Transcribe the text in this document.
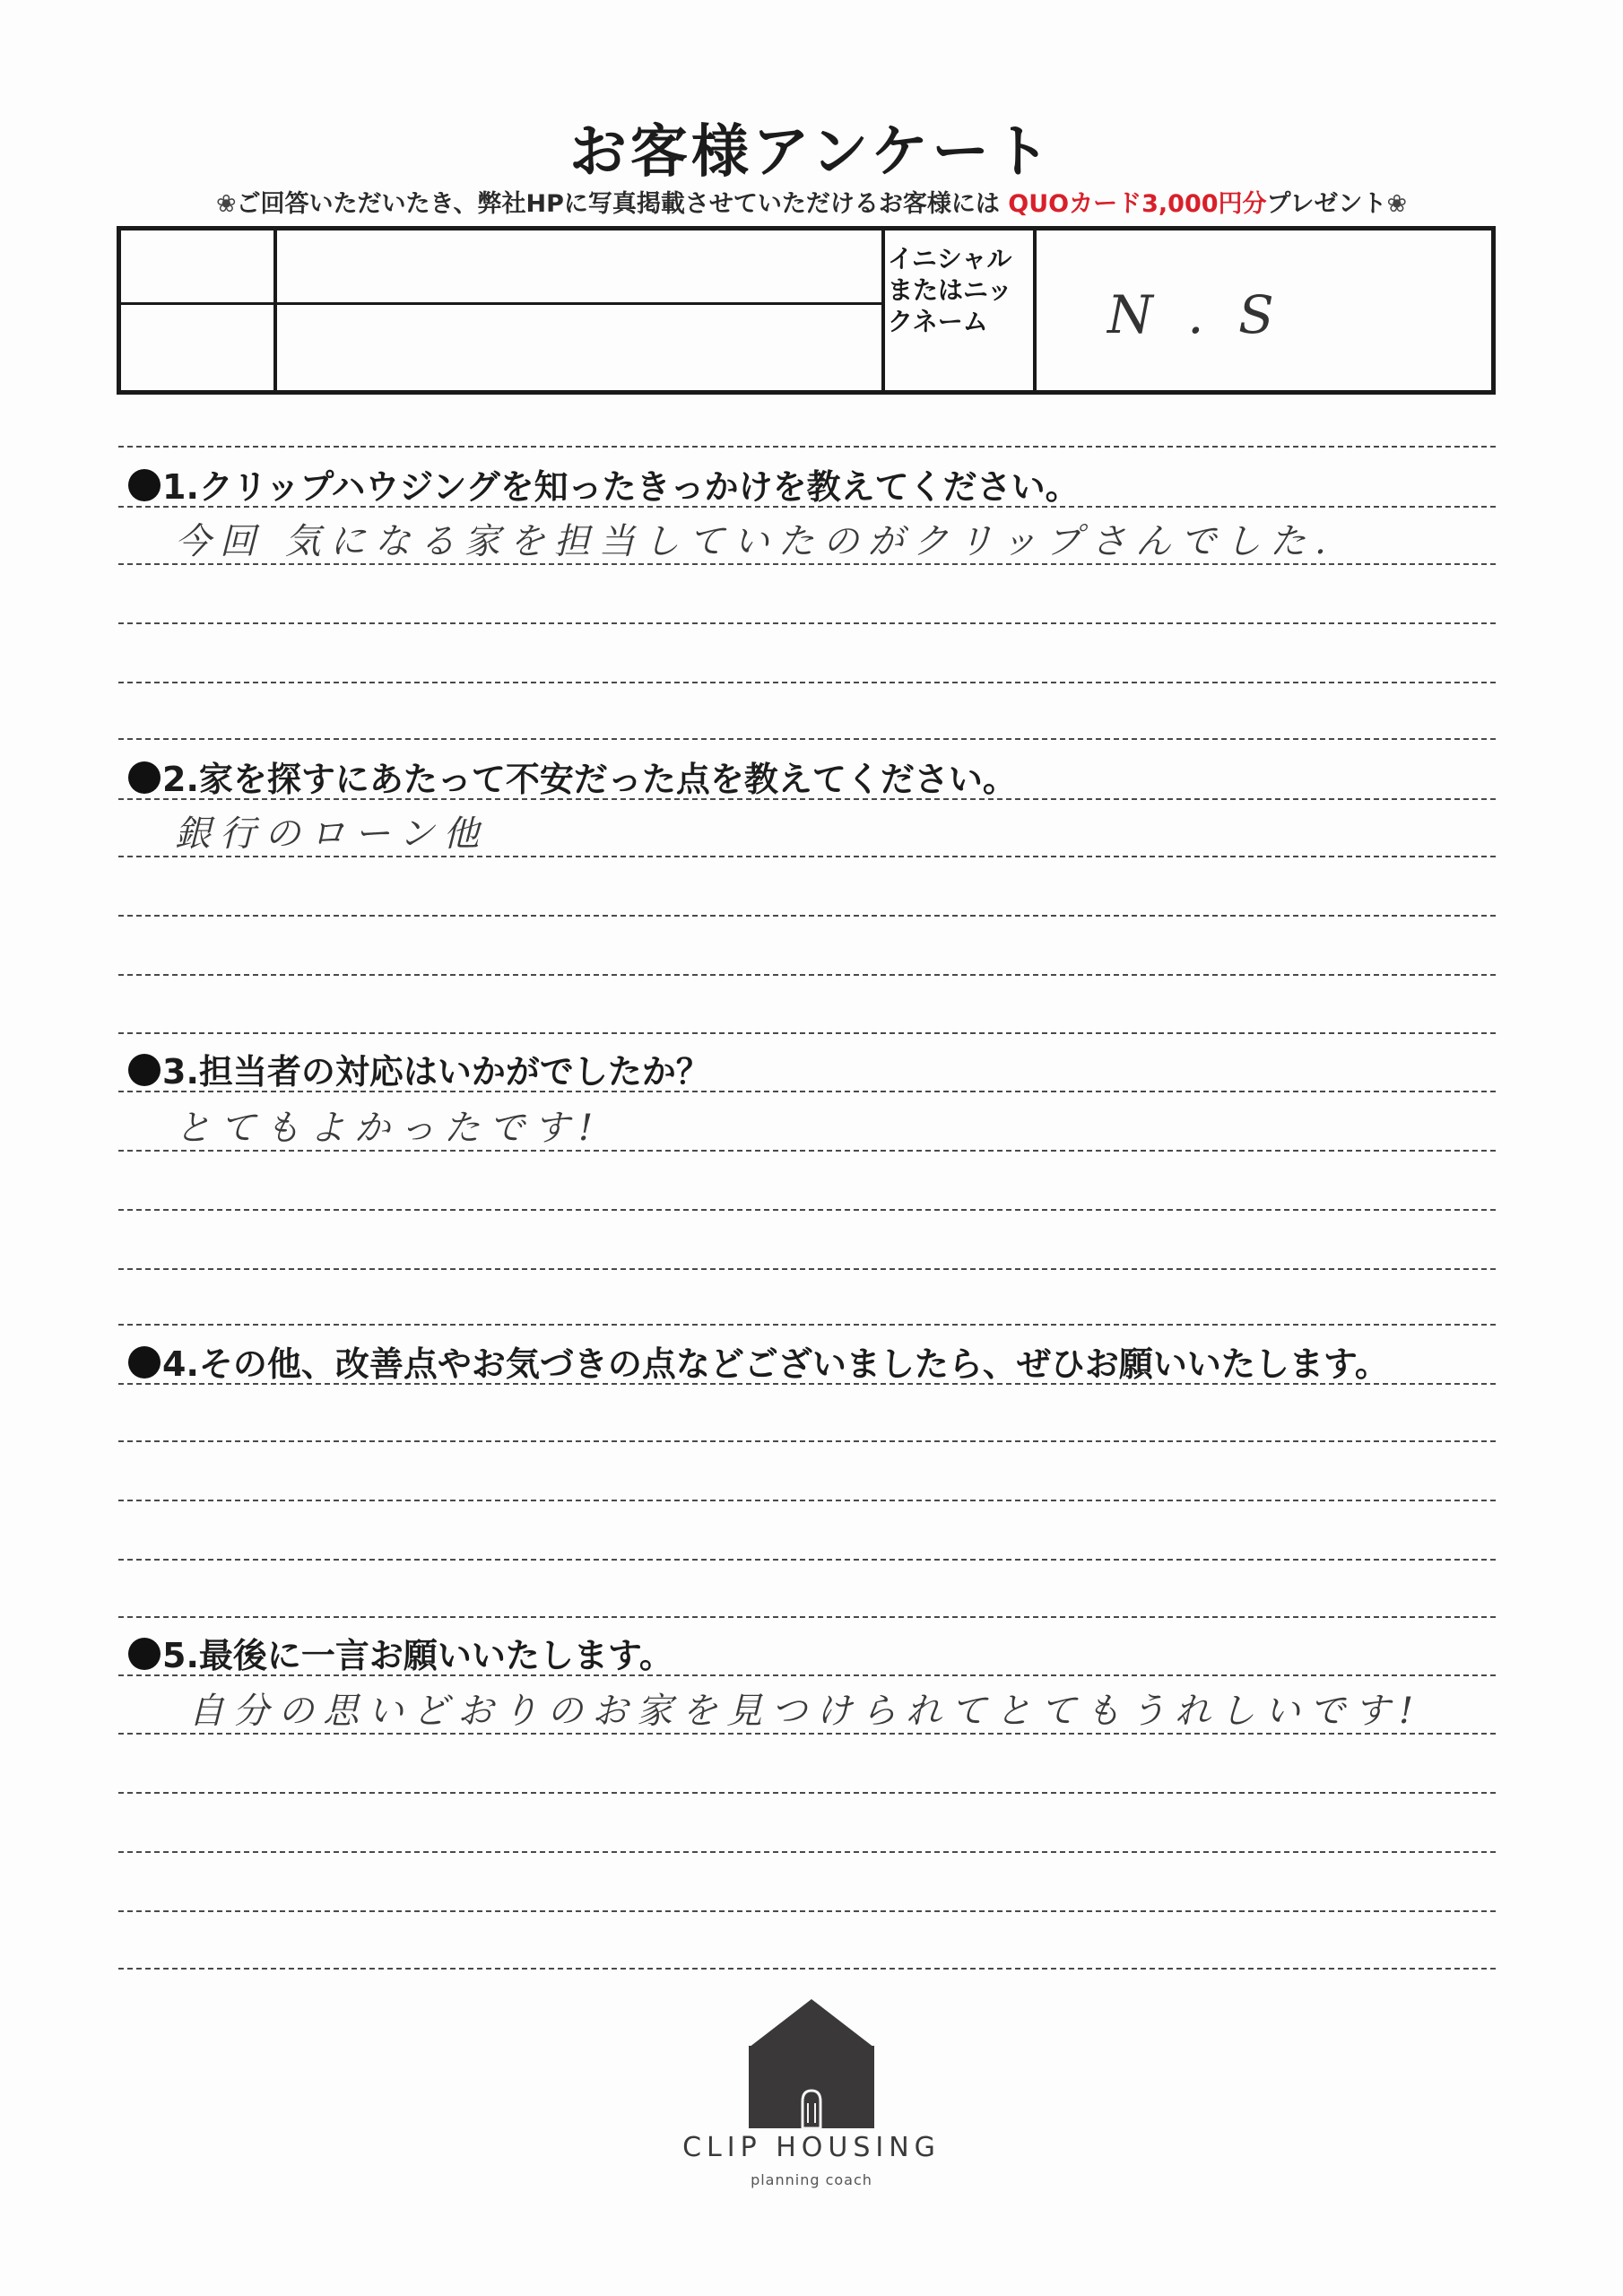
お客様アンケート
❀ご回答いただいたき、弊社HPに写真掲載させていただけるお客様には QUOカード3,000円分プレゼント❀
イニシャルまたはニックネーム	N . S
1.クリップハウジングを知ったきっかけを教えてください。
今回 気になる家を担当していたのがクリップさんでした.
2.家を探すにあたって不安だった点を教えてください。
銀行のローン他
3.担当者の対応はいかがでしたか？
とてもよかったです!
4.その他、改善点やお気づきの点などございましたら、ぜひお願いいたします。
5.最後に一言お願いいたします。
自分の思いどおりのお家を見つけられてとてもうれしいです!
CLIP HOUSING
planning coach
